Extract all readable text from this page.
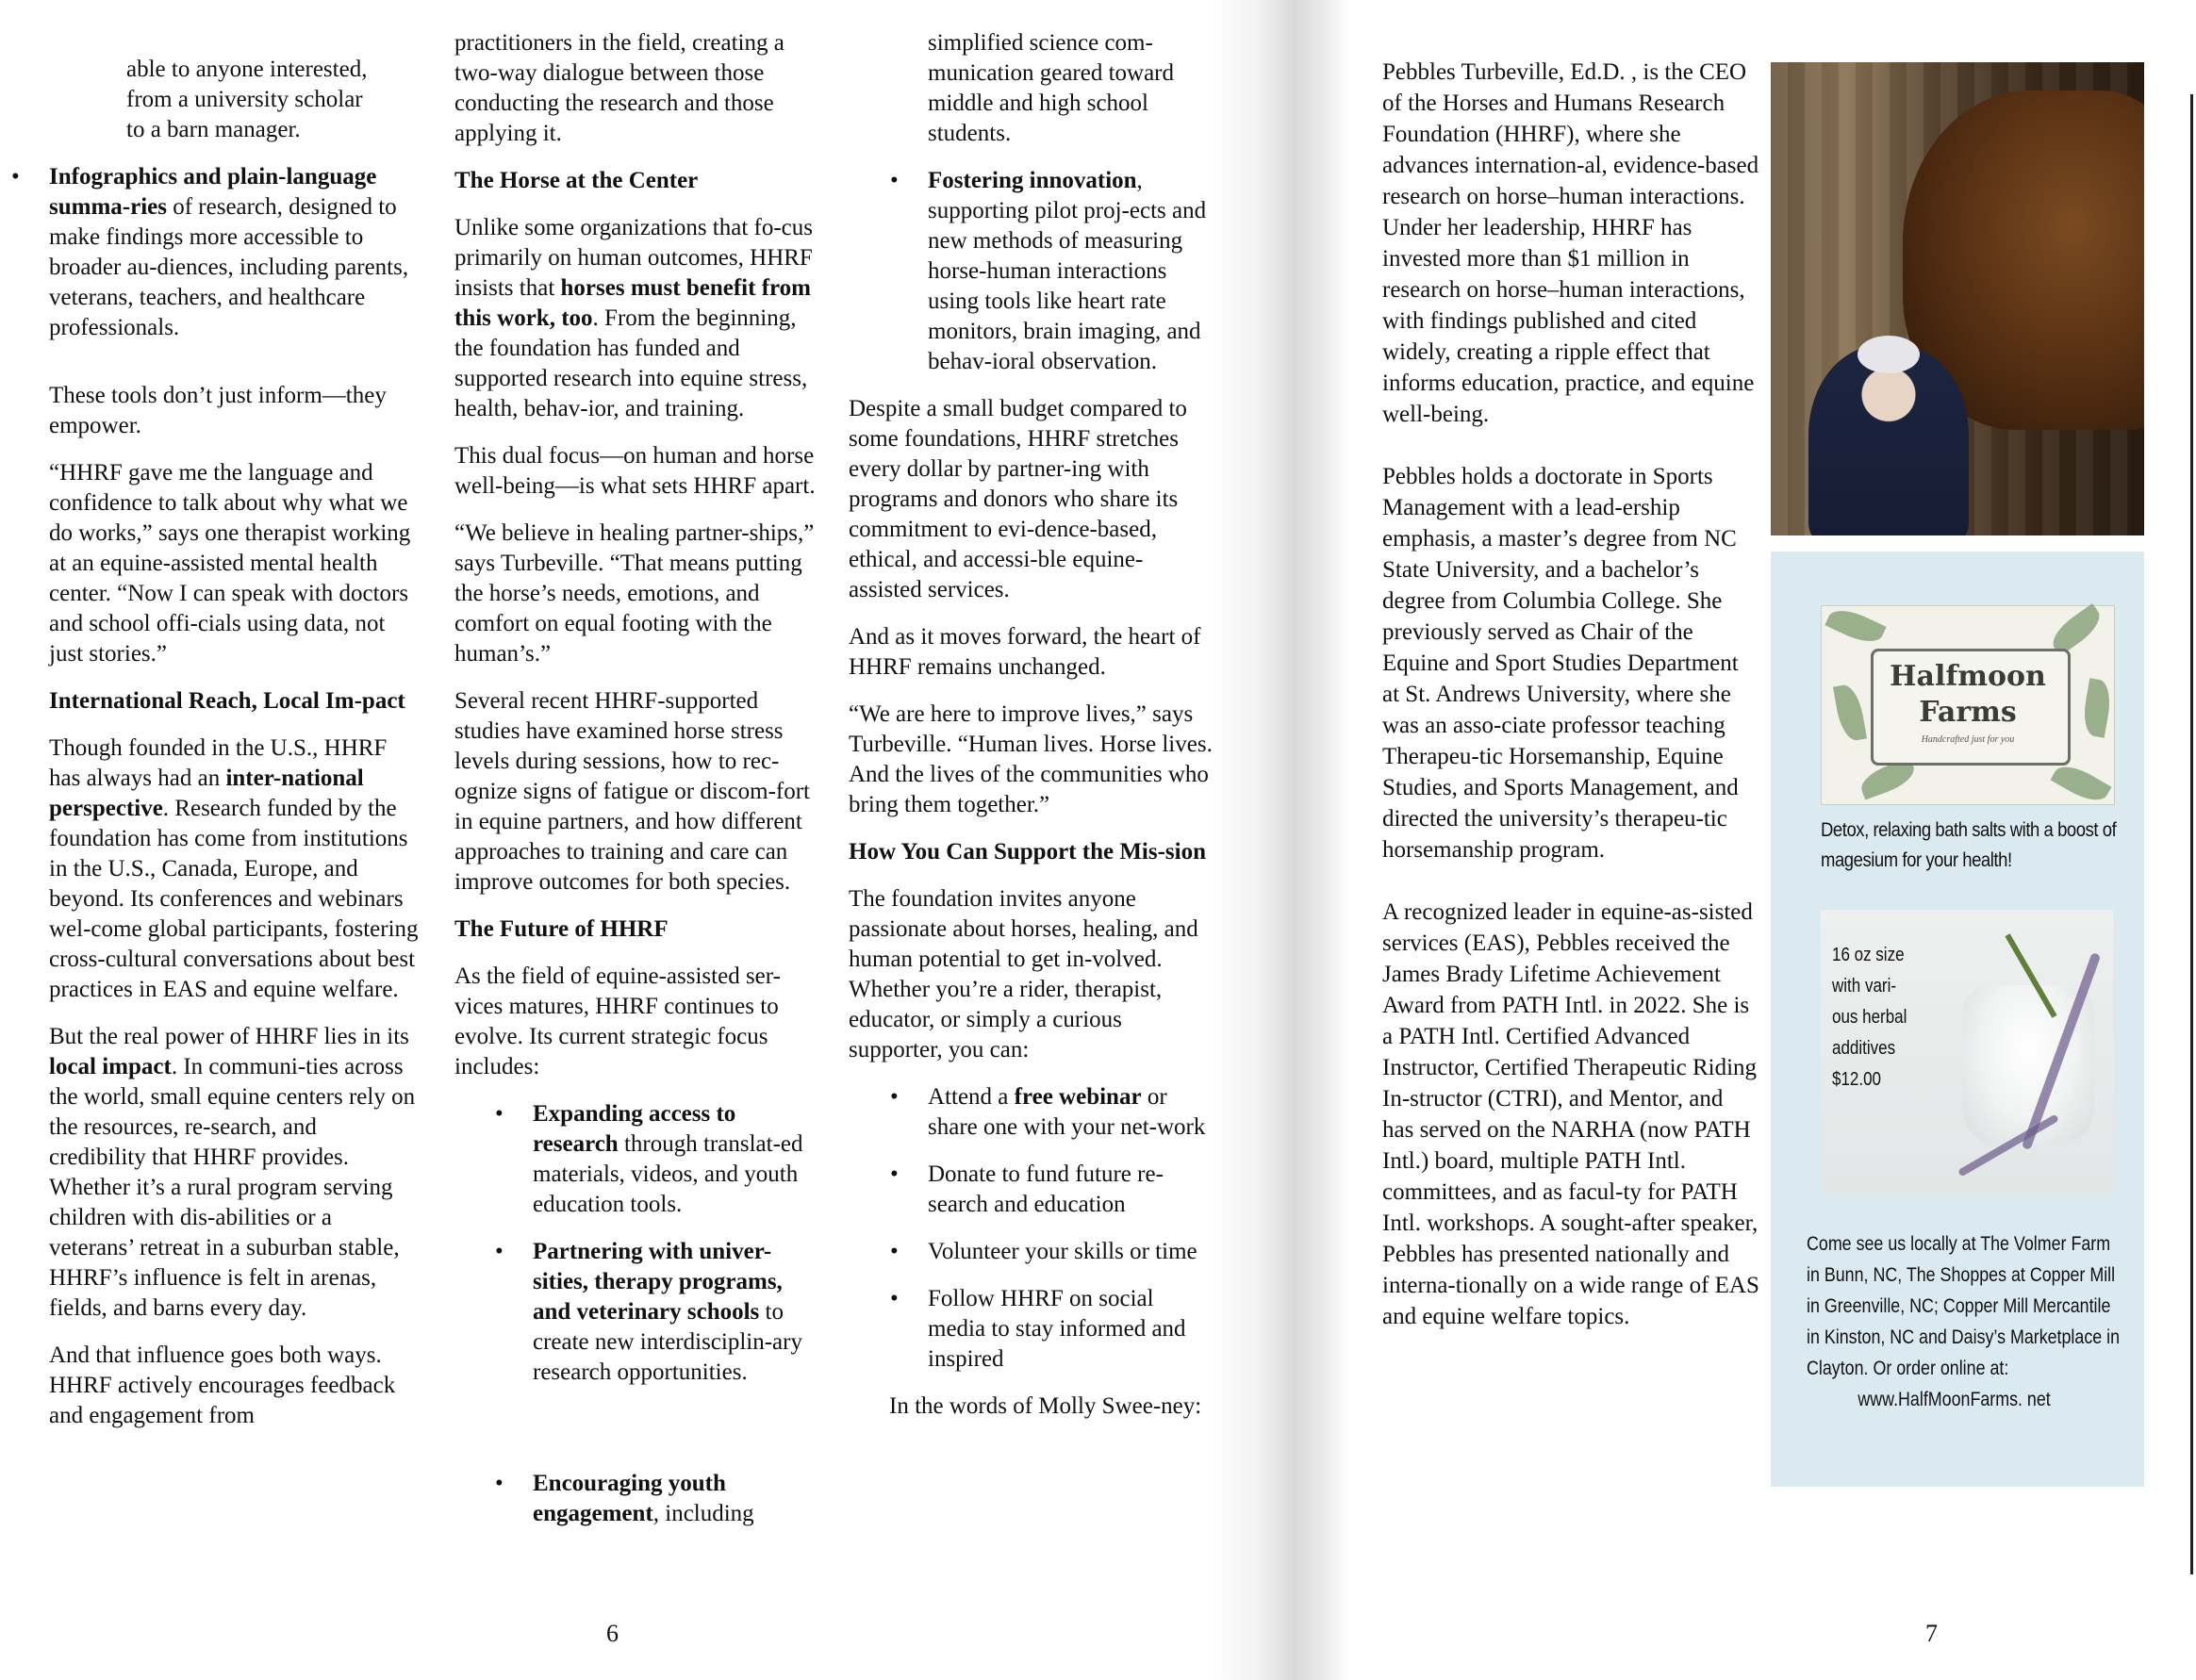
able to anyone interested,
from a university scholar
to a barn manager.
• Infographics and plain-language summa-ries of research, designed to make findings more accessible to broader au-diences, including parents, veterans, teachers, and healthcare professionals.

These tools don’t just inform—they empower.

“HHRF gave me the language and confidence to talk about why what we do works,” says one therapist working at an equine-assisted mental health center. “Now I can speak with doctors and school offi-cials using data, not just stories.”

International Reach, Local Im-pact

Though founded in the U.S., HHRF has always had an inter-national perspective. Research funded by the foundation has come from institutions in the U.S., Canada, Europe, and beyond. Its conferences and webinars wel-come global participants, fostering cross-cultural conversations about best practices in EAS and equine welfare.

But the real power of HHRF lies in its local impact. In communi-ties across the world, small equine centers rely on the resources, re-search, and credibility that HHRF provides. Whether it’s a rural program serving children with dis-abilities or a veterans’ retreat in a suburban stable, HHRF’s influence is felt in arenas, fields, and barns every day.

And that influence goes both ways. HHRF actively encourages feedback and engagement from

practitioners in the field, creating a two-way dialogue between those conducting the research and those applying it.

The Horse at the Center

Unlike some organizations that fo-cus primarily on human outcomes, HHRF insists that horses must benefit from this work, too. From the beginning, the foundation has funded and supported research into equine stress, health, behav-ior, and training.

This dual focus—on human and horse well-being—is what sets HHRF apart.

“We believe in healing partner-ships,” says Turbeville. “That means putting the horse’s needs, emotions, and comfort on equal footing with the human’s.”

Several recent HHRF-supported studies have examined horse stress levels during sessions, how to rec-ognize signs of fatigue or discom-fort in equine partners, and how different approaches to training and care can improve outcomes for both species.

The Future of HHRF

As the field of equine-assisted ser-vices matures, HHRF continues to evolve. Its current strategic focus includes:

• Expanding access to research through translat-ed materials, videos, and youth education tools.
• Partnering with univer-sities, therapy programs, and veterinary schools to create new interdisciplin-ary research opportunities.
• Encouraging youth engagement, including
simplified science com-munication geared toward middle and high school students.
• Fostering innovation, supporting pilot proj-ects and new methods of measuring horse-human interactions using tools like heart rate monitors, brain imaging, and behav-ioral observation.

Despite a small budget compared to some foundations, HHRF stretches every dollar by partner-ing with programs and donors who share its commitment to evi-dence-based, ethical, and accessi-ble equine-assisted services.

And as it moves forward, the heart of HHRF remains unchanged.

“We are here to improve lives,” says Turbeville. “Human lives. Horse lives. And the lives of the communities who bring them together.”

How You Can Support the Mis-sion

The foundation invites anyone passionate about horses, healing, and human potential to get in-volved. Whether you’re a rider, therapist, educator, or simply a curious supporter, you can:

• Attend a free webinar or share one with your net-work
• Donate to fund future re-search and education
• Volunteer your skills or time
• Follow HHRF on social media to stay informed and inspired

In the words of Molly Swee-ney:

6

Pebbles Turbeville, Ed.D. , is the CEO of the Horses and Humans Research Foundation (HHRF), where she advances internation-al, evidence-based research on horse–human interactions. Under her leadership, HHRF has invested more than $1 million in research on horse–human interactions, with findings published and cited widely, creating a ripple effect that informs education, practice, and equine well-being.

Pebbles holds a doctorate in Sports Management with a lead-ership emphasis, a master’s degree from NC State University, and a bachelor’s degree from Columbia College. She previously served as Chair of the Equine and Sport Studies Department at St. Andrews University, where she was an asso-ciate professor teaching Therapeu-tic Horsemanship, Equine Studies, and Sports Management, and directed the university’s therapeu-tic horsemanship program.

A recognized leader in equine-as-sisted services (EAS), Pebbles received the James Brady Lifetime Achievement Award from PATH Intl. in 2022. She is a PATH Intl. Certified Advanced Instructor, Certified Therapeutic Riding In-structor (CTRI), and Mentor, and has served on the NARHA (now PATH Intl.) board, multiple PATH Intl. committees, and as facul-ty for PATH Intl. workshops. A sought-after speaker, Pebbles has presented nationally and interna-tionally on a wide range of EAS and equine welfare topics.

Halfmoon Farms
Handcrafted just for you
Detox, relaxing bath salts with a boost of magesium for your health!
16 oz size
with vari-
ous herbal
additives
$12.00
Come see us locally at The Volmer Farm in Bunn, NC, The Shoppes at Copper Mill in Greenville, NC; Copper Mill Mercantile in Kinston, NC and Daisy’s Marketplace in Clayton. Or order online at:
www.HalfMoonFarms. net
7
